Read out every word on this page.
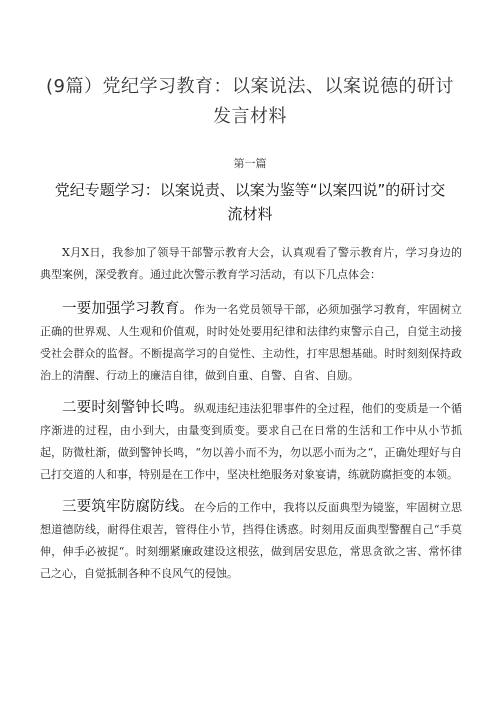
(9篇）党纪学习教育：以案说法、以案说德的研讨发言材料
第一篇
党纪专题学习：以案说责、以案为鉴等“以案四说”的研讨交流材料

X月X日，我参加了领导干部警示教育大会，认真观看了警示教育片，学习身边的典型案例，深受教育。通过此次警示教育学习活动，有以下几点体会：

一要加强学习教育。作为一名党员领导干部，必须加强学习教育，牢固树立正确的世界观、人生观和价值观，时时处处要用纪律和法律约束警示自己，自觉主动接受社会群众的监督。不断提高学习的自觉性、主动性，打牢思想基础。时时刻刻保持政治上的清醒、行动上的廉洁自律，做到自重、自警、自省、自励。

二要时刻警钟长鸣。纵观违纪违法犯罪事件的全过程，他们的变质是一个循序渐进的过程，由小到大，由量变到质变。要求自己在日常的生活和工作中从小节抓起，防微杜渐，做到警钟长鸣，“勿以善小而不为，勿以恶小而为之“，正确处理好与自己打交道的人和事，特别是在工作中，坚决杜绝服务对象宴请，练就防腐拒变的本领。

三要筑牢防腐防线。在今后的工作中，我将以反面典型为镜鉴，牢固树立思想道德防线，耐得住艰苦，管得住小节，挡得住诱惑。时刻用反面典型警醒自己“手莫伸，伸手必被捉“。时刻绷紧廉政建设这根弦，做到居安思危，常思贪欲之害、常怀律己之心，自觉抵制各种不良风气的侵蚀。
